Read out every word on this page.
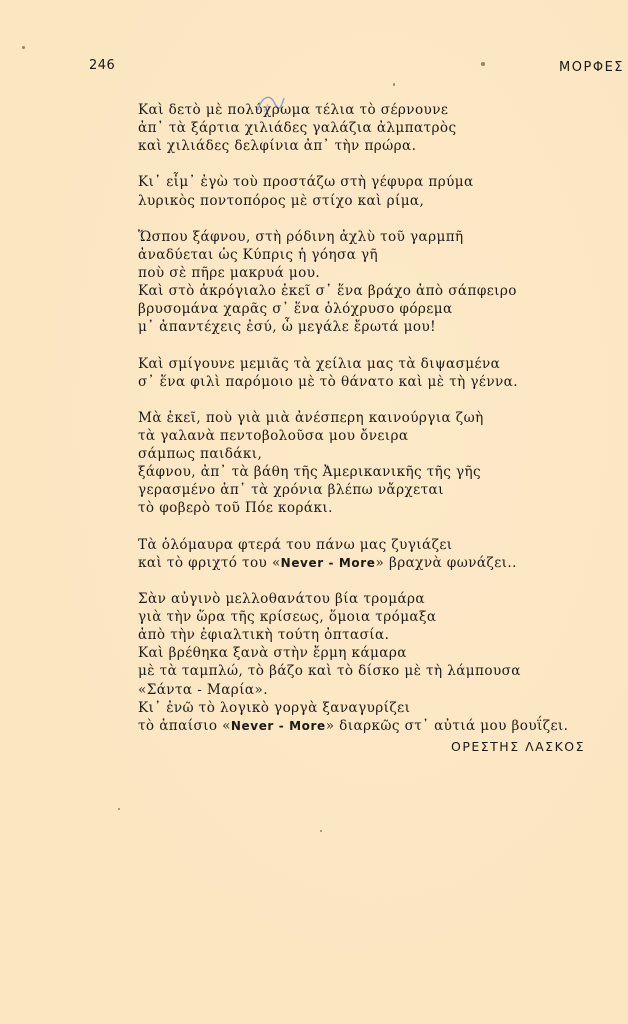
246	ΜΟΡΦΕΣ
Καὶ δετὸ μὲ πολύχρωμα τέλια τὸ σέρνουνε
ἀπ᾽ τὰ ξάρτια χιλιάδες γαλάζια ἀλμπατρὸς
καὶ χιλιάδες δελφίνια ἀπ᾽ τὴν πρώρα.
Κι᾽ εἶμ᾽ ἐγὼ τοὺ προστάζω στὴ γέφυρα πρύμα
λυρικὸς ποντοπόρος μὲ στίχο καὶ ρίμα,
Ὥσπου ξάφνου, στὴ ρόδινη ἀχλὺ τοῦ γαρμπῆ
ἀναδύεται ὡς Κύπρις ἡ γόησα γῆ
ποὺ σὲ πῆρε μακρυά μου.
Καὶ στὸ ἀκρόγιαλο ἐκεῖ σ᾽ ἕνα βράχο ἀπὸ σάπφειρο
βρυσομάνα χαρᾶς σ᾽ ἕνα ὁλόχρυσο φόρεμα
μ᾽ ἀπαντέχεις ἐσύ, ὦ μεγάλε ἔρωτά μου!
Καὶ σμίγουνε μεμιᾶς τὰ χείλια μας τὰ διψασμένα
σ᾽ ἕνα φιλὶ παρόμοιο μὲ τὸ θάνατο καὶ μὲ τὴ γέννα.
Μὰ ἐκεῖ, ποὺ γιὰ μιὰ ἀνέσπερη καινούργια ζωὴ
τὰ γαλανὰ πεντοβολοῦσα μου ὄνειρα
σάμπως παιδάκι,
ξάφνου, ἀπ᾽ τὰ βάθη τῆς Ἀμερικανικῆς τῆς γῆς
γερασμένο ἀπ᾽ τὰ χρόνια βλέπω νἄρχεται
τὸ φοβερὸ τοῦ Πόε κοράκι.
Τὰ ὁλόμαυρα φτερά του πάνω μας ζυγιάζει
καὶ τὸ φριχτό του «Never - More» βραχνὰ φωνάζει..
Σὰν αὐγινὸ μελλοθανάτου βία τρομάρα
γιὰ τὴν ὥρα τῆς κρίσεως, ὅμοια τρόμαξα
ἀπὸ τὴν ἐφιαλτικὴ τούτη ὀπτασία.
Καὶ βρέθηκα ξανὰ στὴν ἔρμη κάμαρα
μὲ τὰ ταμπλώ, τὸ βάζο καὶ τὸ δίσκο μὲ τὴ λάμπουσα
«Σάντα - Μαρία».
Κι᾽ ἐνῶ τὸ λογικὸ γοργὰ ξαναγυρίζει
τὸ ἀπαίσιο «Never - More» διαρκῶς στ᾽ αὐτιά μου βουΐζει.
ΟΡΕΣΤΗΣ ΛΑΣΚΟΣ
